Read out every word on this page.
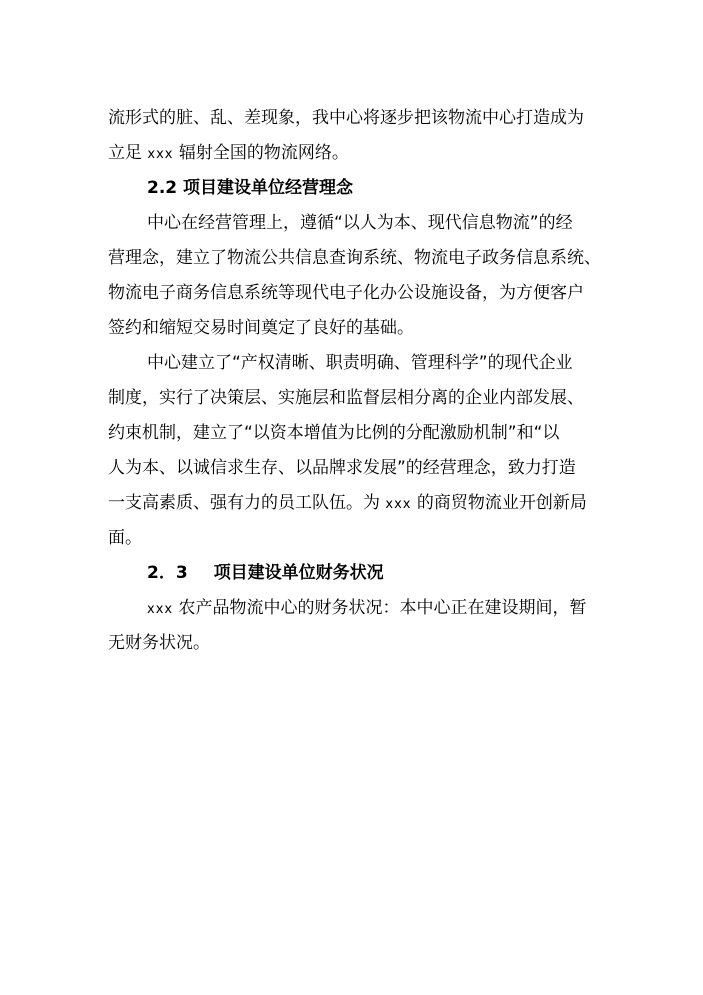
流形式的脏、乱、差现象，我中心将逐步把该物流中心打造成为
立足 xxx 辐射全国的物流网络。
2.2 项目建设单位经营理念
中心在经营管理上，遵循“以人为本、现代信息物流”的经
营理念，建立了物流公共信息查询系统、物流电子政务信息系统、
物流电子商务信息系统等现代电子化办公设施设备，为方便客户
签约和缩短交易时间奠定了良好的基础。
中心建立了“产权清晰、职责明确、管理科学”的现代企业
制度，实行了决策层、实施层和监督层相分离的企业内部发展、
约束机制，建立了“以资本增值为比例的分配激励机制”和“以
人为本、以诚信求生存、以品牌求发展”的经营理念，致力打造
一支高素质、强有力的员工队伍。为 xxx 的商贸物流业开创新局
面。
2．3 项目建设单位财务状况
xxx 农产品物流中心的财务状况：本中心正在建设期间，暂
无财务状况。
